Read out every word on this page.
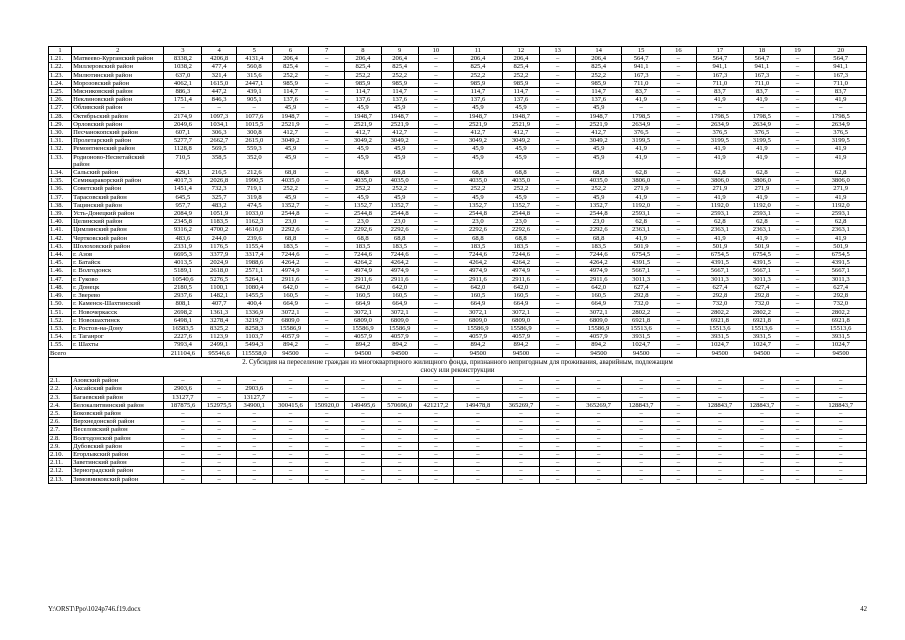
1	2	3	4	5	6	7	8	9	10	11	12	13	14	15	16	17	18	19	20
1.21.	Матвеево-Курганский район	8338,2	4206,8	4131,4	206,4	–	206,4	206,4	–	206,4	206,4	–	206,4	564,7	–	564,7	564,7	–	564,7
1.22.	Миллеровский район	1038,2	477,4	560,8	825,4	–	825,4	825,4	–	825,4	825,4	–	825,4	941,1	–	941,1	941,1	–	941,1
1.23.	Милютинский район	637,0	321,4	315,6	252,2	–	252,2	252,2	–	252,2	252,2	–	252,2	167,3	–	167,3	167,3	–	167,3
1.24.	Морозовский район	4062,1	1615,0	2447,1	985,9	–	985,9	985,9	–	985,9	985,9	–	985,9	711,0	–	711,0	711,0	–	711,0
1.25.	Мясниковский район	886,3	447,2	439,1	114,7	–	114,7	114,7	–	114,7	114,7	–	114,7	83,7	–	83,7	83,7	–	83,7
1.26.	Неклиновский район	1751,4	846,3	905,1	137,6	–	137,6	137,6	–	137,6	137,6	–	137,6	41,9	–	41,9	41,9	–	41,9
1.27.	Обливский район	–	–	–	45,9	–	45,9	45,9	–	45,9	45,9	–	45,9	–	–	–	–	–	–
1.28.	Октябрьский район	2174,9	1097,3	1077,6	1948,7	–	1948,7	1948,7	–	1948,7	1948,7	–	1948,7	1798,5	–	1798,5	1798,5	–	1798,5
1.29.	Орловский район	2049,6	1034,1	1015,5	2521,9	–	2521,9	2521,9	–	2521,9	2521,9	–	2521,9	2634,9	–	2634,9	2634,9	–	2634,9
1.30.	Песчанокопский район	607,1	306,3	300,8	412,7	–	412,7	412,7	–	412,7	412,7	–	412,7	376,5	–	376,5	376,5	–	376,5
1.31.	Пролетарский район	5277,7	2662,7	2615,0	3049,2	–	3049,2	3049,2	–	3049,2	3049,2	–	3049,2	3199,5	–	3199,5	3199,5	–	3199,5
1.32.	Ремонтненский район	1128,8	569,5	559,3	45,9	–	45,9	45,9	–	45,9	45,9	–	45,9	41,9	–	41,9	41,9	–	41,9
1.33.	Родионово-Несветайский район	710,5	358,5	352,0	45,9	–	45,9	45,9	–	45,9	45,9	–	45,9	41,9	–	41,9	41,9	–	41,9
1.34.	Сальский район	429,1	216,5	212,6	68,8	–	68,8	68,8	–	68,8	68,8	–	68,8	62,8	–	62,8	62,8	–	62,8
1.35.	Семикаракорский район	4017,3	2026,8	1990,5	4035,0	–	4035,0	4035,0	–	4035,0	4035,0	–	4035,0	3806,0	–	3806,0	3806,0	–	3806,0
1.36.	Советский район	1451,4	732,3	719,1	252,2	–	252,2	252,2	–	252,2	252,2	–	252,2	271,9	–	271,9	271,9	–	271,9
1.37.	Тарасовский район	645,5	325,7	319,8	45,9	–	45,9	45,9	–	45,9	45,9	–	45,9	41,9	–	41,9	41,9	–	41,9
1.38.	Тацинский район	957,7	483,2	474,5	1352,7	–	1352,7	1352,7	–	1352,7	1352,7	–	1352,7	1192,0	–	1192,0	1192,0	–	1192,0
1.39.	Усть-Донецкий район	2084,9	1051,9	1033,0	2544,8	–	2544,8	2544,8	–	2544,8	2544,8	–	2544,8	2593,1	–	2593,1	2593,1	–	2593,1
1.40.	Целинский район	2345,8	1183,5	1162,3	23,0	–	23,0	23,0	–	23,0	23,0	–	23,0	62,8	–	62,8	62,8	–	62,8
1.41.	Цимлянский район	9316,2	4700,2	4616,0	2292,6	–	2292,6	2292,6	–	2292,6	2292,6	–	2292,6	2363,1	–	2363,1	2363,1	–	2363,1
1.42.	Чертковский район	483,6	244,0	239,6	68,8	–	68,8	68,8	–	68,8	68,8	–	68,8	41,9	–	41,9	41,9	–	41,9
1.43.	Шолоховский район	2331,9	1176,5	1155,4	183,5	–	183,5	183,5	–	183,5	183,5	–	183,5	501,9	–	501,9	501,9	–	501,9
1.44.	г. Азов	6695,3	3377,9	3317,4	7244,6	–	7244,6	7244,6	–	7244,6	7244,6	–	7244,6	6754,5	–	6754,5	6754,5	–	6754,5
1.45.	г. Батайск	4013,5	2024,9	1988,6	4264,2	–	4264,2	4264,2	–	4264,2	4264,2	–	4264,2	4391,5	–	4391,5	4391,5	–	4391,5
1.46.	г. Волгодонск	5189,1	2618,0	2571,1	4974,9	–	4974,9	4974,9	–	4974,9	4974,9	–	4974,9	5667,1	–	5667,1	5667,1	–	5667,1
1.47.	г. Гуково	10540,6	5276,5	5264,1	2911,6	–	2911,6	2911,6	–	2911,6	2911,6	–	2911,6	3011,3	–	3011,3	3011,3	–	3011,3
1.48.	г. Донецк	2180,5	1100,1	1080,4	642,0	–	642,0	642,0	–	642,0	642,0	–	642,0	627,4	–	627,4	627,4	–	627,4
1.49.	г. Зверево	2937,6	1482,1	1455,5	160,5	–	160,5	160,5	–	160,5	160,5	–	160,5	292,8	–	292,8	292,8	–	292,8
1.50.	г. Каменск-Шахтинский	808,1	407,7	400,4	664,9	–	664,9	664,9	–	664,9	664,9	–	664,9	732,0	–	732,0	732,0	–	732,0
1.51.	г. Новочеркасск	2698,2	1361,3	1336,9	3072,1	–	3072,1	3072,1	–	3072,1	3072,1	–	3072,1	2802,2	–	2802,2	2802,2	–	2802,2
1.52.	г. Новошахтинск	6498,1	3278,4	3219,7	6809,0	–	6809,0	6809,0	–	6809,0	6809,0	–	6809,0	6921,8	–	6921,8	6921,8	–	6921,8
1.53.	г. Ростов-на-Дону	16583,5	8325,2	8258,3	15586,9	–	15586,9	15586,9	–	15586,9	15586,9	–	15586,9	15513,6	–	15513,6	15513,6	–	15513,6
1.54.	г. Таганрог	2227,6	1123,9	1103,7	4057,9	–	4057,9	4057,9	–	4057,9	4057,9	–	4057,9	3931,5	–	3931,5	3931,5	–	3931,5
1.55.	г. Шахты	7993,4	2499,1	5494,3	894,2	–	894,2	894,2	–	894,2	894,2	–	894,2	1024,7	–	1024,7	1024,7	–	1024,7
Всего		211104,6	95546,6	115558,0	94500	–	94500	94500	–	94500	94500	–	94500	94500	–	94500	94500	–	94500
2. Субсидия на переселение граждан из многоквартирного жилищного фонда, признанного непригодным для проживания, аварийным, подлежащим сносу или реконструкции																			
2.1.	Азовский район	–	–	–	–	–	–	–	–	–	–	–	–	–	–	–	–	–	–
2.2.	Аксайский район	2903,6	–	2903,6	–	–	–	–	–	–	–	–	–	–	–	–	–	–	–
2.3.	Багаевский район	13127,7	–	13127,7	–	–	–	–	–	–	–	–	–	–	–	–	–	–	–
2.4.	Белокалитвинский район	187875,6	152975,5	34900,1	300415,6	150920,0	149495,6	570696,0	421217,2	149478,8	365269,7	–	365269,7	128843,7	–	128843,7	128843,7	–	128843,7
2.5.	Боковский район	–	–	–	–	–	–	–	–	–	–	–	–	–	–	–	–	–	–
2.6.	Верхнедонской район	–	–	–	–	–	–	–	–	–	–	–	–	–	–	–	–	–	–
2.7.	Веселовский район	–	–	–	–	–	–	–	–	–	–	–	–	–	–	–	–	–	–
2.8.	Волгодонской район	–	–	–	–	–	–	–	–	–	–	–	–	–	–	–	–	–	–
2.9.	Дубовский район	–	–	–	–	–	–	–	–	–	–	–	–	–	–	–	–	–	–
2.10.	Егорлыкский район	–	–	–	–	–	–	–	–	–	–	–	–	–	–	–	–	–	–
2.11.	Заветинский район	–	–	–	–	–	–	–	–	–	–	–	–	–	–	–	–	–	–
2.12.	Зерноградский район	–	–	–	–	–	–	–	–	–	–	–	–	–	–	–	–	–	–
2.13.	Зимовниковский район	–	–	–	–	–	–	–	–	–	–	–	–	–	–	–	–	–	–
Y:\ORST\Ppo\1024p746.f19.docx	42
